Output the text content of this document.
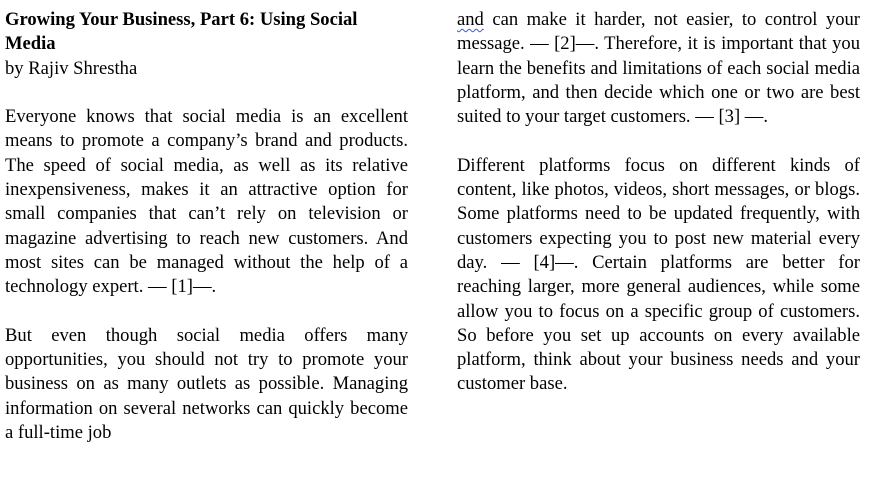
Growing Your Business, Part 6: Using Social Media
by Rajiv Shrestha

Everyone knows that social media is an excellent means to promote a company’s brand and products. The speed of social media, as well as its relative inexpensiveness, makes it an attractive option for small companies that can’t rely on television or magazine advertising to reach new customers. And most sites can be managed without the help of a technology expert. — [1]—.

But even though social media offers many opportunities, you should not try to promote your business on as many outlets as possible. Managing information on several networks can quickly become a full-time job

and can make it harder, not easier, to control your message. — [2]—. Therefore, it is important that you learn the benefits and limitations of each social media platform, and then decide which one or two are best suited to your target customers. — [3] —.

Different platforms focus on different kinds of content, like photos, videos, short messages, or blogs. Some platforms need to be updated frequently, with customers expecting you to post new material every day. — [4]—. Certain platforms are better for reaching larger, more general audiences, while some allow you to focus on a specific group of customers. So before you set up accounts on every available platform, think about your business needs and your customer base.
